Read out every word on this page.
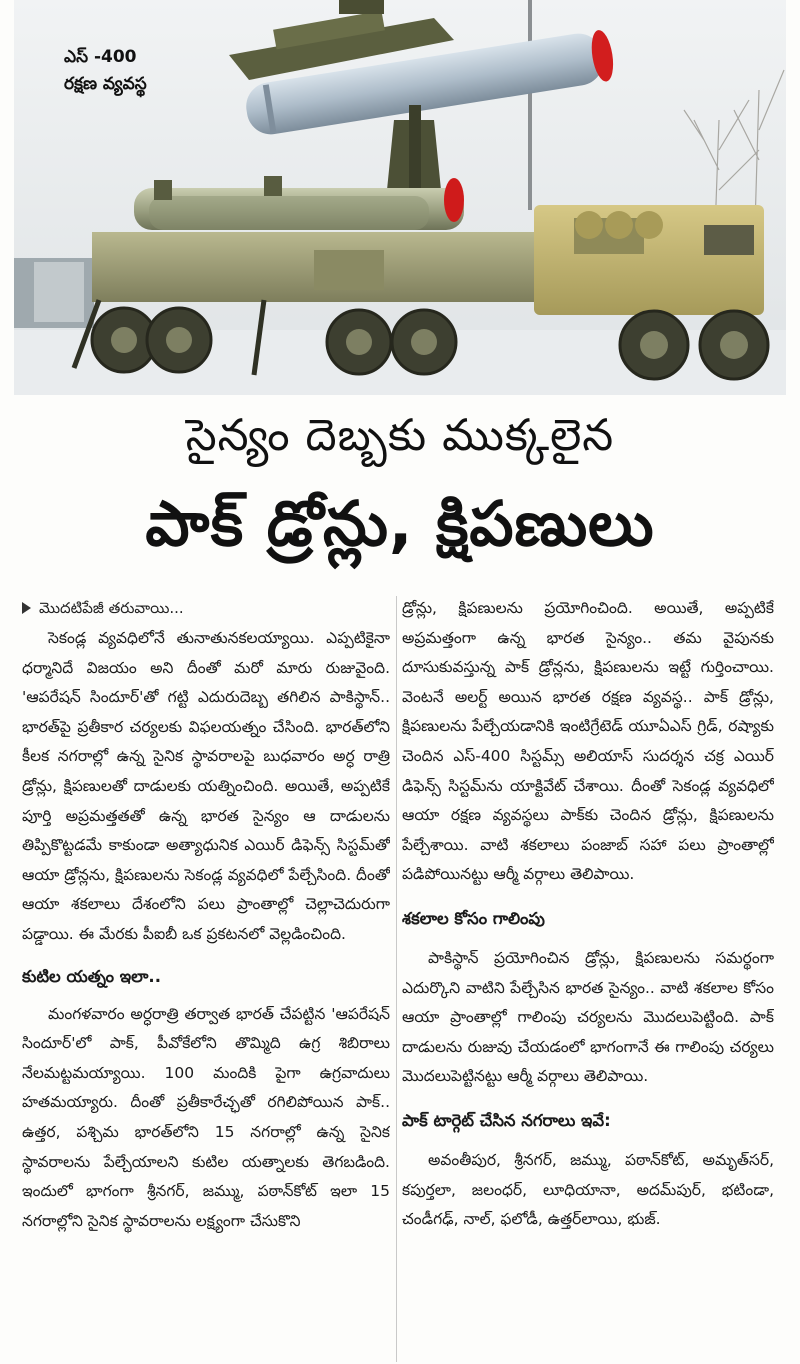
ఎస్ -400
రక్షణ వ్యవస్థ
సైన్యం దెబ్బకు ముక్కలైన
పాక్ డ్రోన్లు, క్షిపణులు
మొదటిపేజీ తరువాయి...

సెకండ్ల వ్యవధిలోనే తునాతునకలయ్యాయి. ఎప్పటికైనా ధర్మానిదే విజయం అని దీంతో మరో మారు రుజువైంది. 'ఆపరేషన్ సిందూర్'తో గట్టి ఎదురుదెబ్బ తగిలిన పాకిస్థాన్.. భారత్‌పై ప్రతీకార చర్యలకు విఫలయత్నం చేసింది. భారత్‌లోని కీలక నగరాల్లో ఉన్న సైనిక స్థావరాలపై బుధవారం అర్ధ రాత్రి డ్రోన్లు, క్షిపణులతో దాడులకు యత్నించింది. అయితే, అప్పటికే పూర్తి అప్రమత్తతతో ఉన్న భారత సైన్యం ఆ దాడులను తిప్పికొట్టడమే కాకుండా అత్యాధునిక ఎయిర్ డిఫెన్స్ సిస్టమ్‌తో ఆయా డ్రోన్లను, క్షిపణులను సెకండ్ల వ్యవధిలో పేల్చేసింది. దీంతో ఆయా శకలాలు దేశంలోని పలు ప్రాంతాల్లో చెల్లాచెదురుగా పడ్డాయి. ఈ మేరకు పీఐబీ ఒక ప్రకటనలో వెల్లడించింది.

కుటిల యత్నం ఇలా..

మంగళవారం అర్ధరాత్రి తర్వాత భారత్ చేపట్టిన 'ఆపరేషన్ సిందూర్'లో పాక్, పీవోకేలోని తొమ్మిది ఉగ్ర శిబిరాలు నేలమట్టమయ్యాయి. 100 మందికి పైగా ఉగ్రవాదులు హతమయ్యారు. దీంతో ప్రతీకారేచ్ఛతో రగిలిపోయిన పాక్.. ఉత్తర, పశ్చిమ భారత్‌లోని 15 నగరాల్లో ఉన్న సైనిక స్థావరాలను పేల్చేయాలని కుటిల యత్నాలకు తెగబడింది. ఇందులో భాగంగా శ్రీనగర్, జమ్ము, పఠాన్‌కోట్ ఇలా 15 నగరాల్లోని సైనిక స్థావరాలను లక్ష్యంగా చేసుకొని

డ్రోన్లు, క్షిపణులను ప్రయోగించింది. అయితే, అప్పటికే అప్రమత్తంగా ఉన్న భారత సైన్యం.. తమ వైపునకు దూసుకువస్తున్న పాక్ డ్రోన్లను, క్షిపణులను ఇట్టే గుర్తించాయి. వెంటనే అలర్ట్ అయిన భారత రక్షణ వ్యవస్థ.. పాక్ డ్రోన్లు, క్షిపణులను పేల్చేయడానికి ఇంటిగ్రేటెడ్ యూఏఎస్ గ్రిడ్, రష్యాకు చెందిన ఎస్-400 సిస్టమ్స్ అలియాస్ సుదర్శన చక్ర ఎయిర్ డిఫెన్స్ సిస్టమ్‌ను యాక్టివేట్ చేశాయి. దీంతో సెకండ్ల వ్యవధిలో ఆయా రక్షణ వ్యవస్థలు పాక్‌కు చెందిన డ్రోన్లు, క్షిపణులను పేల్చేశాయి. వాటి శకలాలు పంజాబ్ సహా పలు ప్రాంతాల్లో పడిపోయినట్టు ఆర్మీ వర్గాలు తెలిపాయి.

శకలాల కోసం గాలింపు

పాకిస్థాన్ ప్రయోగించిన డ్రోన్లు, క్షిపణులను సమర్థంగా ఎదుర్కొని వాటిని పేల్చేసిన భారత సైన్యం.. వాటి శకలాల కోసం ఆయా ప్రాంతాల్లో గాలింపు చర్యలను మొదలుపెట్టింది. పాక్ దాడులను రుజువు చేయడంలో భాగంగానే ఈ గాలింపు చర్యలు మొదలుపెట్టినట్టు ఆర్మీ వర్గాలు తెలిపాయి.

పాక్ టార్గెట్ చేసిన నగరాలు ఇవే:

అవంతీపుర, శ్రీనగర్, జమ్ము, పఠాన్‌కోట్, అమృత్‌సర్, కపుర్తలా, జలంధర్, లూధియానా, అదమ్‌పుర్, భటిండా, చండీగఢ్, నాల్, ఫలోడీ, ఉత్తర్‌లాయి, భుజ్.
